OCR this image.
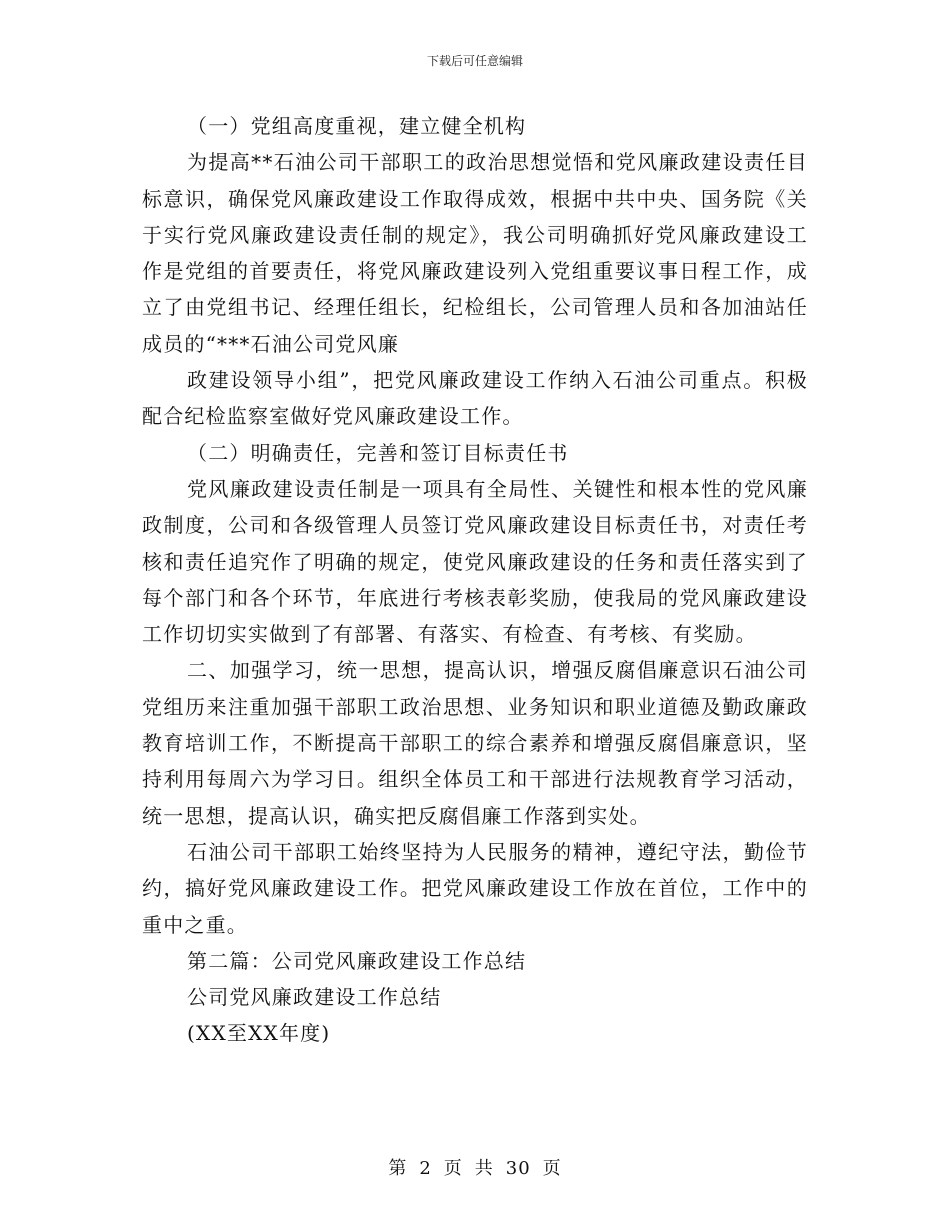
下载后可任意编辑

（一）党组高度重视，建立健全机构

为提高**石油公司干部职工的政治思想觉悟和党风廉政建设责任目标意识，确保党风廉政建设工作取得成效，根据中共中央、国务院《关于实行党风廉政建设责任制的规定》，我公司明确抓好党风廉政建设工作是党组的首要责任，将党风廉政建设列入党组重要议事日程工作，成立了由党组书记、经理任组长，纪检组长，公司管理人员和各加油站任成员的“***石油公司党风廉

政建设领导小组”，把党风廉政建设工作纳入石油公司重点。积极配合纪检监察室做好党风廉政建设工作。

（二）明确责任，完善和签订目标责任书

党风廉政建设责任制是一项具有全局性、关键性和根本性的党风廉政制度，公司和各级管理人员签订党风廉政建设目标责任书，对责任考核和责任追究作了明确的规定，使党风廉政建设的任务和责任落实到了每个部门和各个环节，年底进行考核表彰奖励，使我局的党风廉政建设工作切切实实做到了有部署、有落实、有检查、有考核、有奖励。

二、加强学习，统一思想，提高认识，增强反腐倡廉意识石油公司党组历来注重加强干部职工政治思想、业务知识和职业道德及勤政廉政教育培训工作，不断提高干部职工的综合素养和增强反腐倡廉意识，坚持利用每周六为学习日。组织全体员工和干部进行法规教育学习活动，统一思想，提高认识，确实把反腐倡廉工作落到实处。

石油公司干部职工始终坚持为人民服务的精神，遵纪守法，勤俭节约，搞好党风廉政建设工作。把党风廉政建设工作放在首位，工作中的重中之重。

第二篇：公司党风廉政建设工作总结

公司党风廉政建设工作总结

(XX至XX年度)

第 2 页 共 30 页
